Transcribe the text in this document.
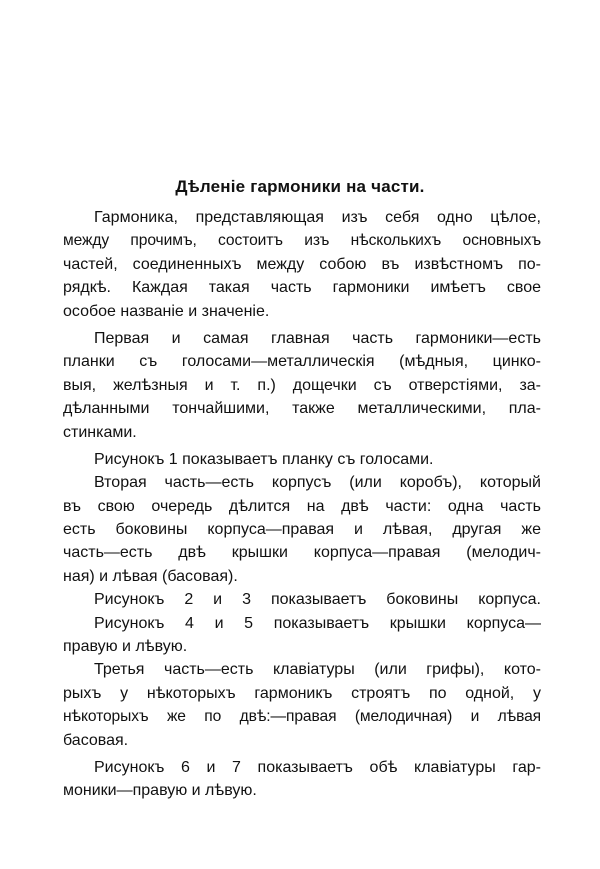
Дѣленіе гармоники на части.
Гармоника, представляющая изъ себя одно цѣлое,
между прочимъ, состоитъ изъ нѣсколькихъ основныхъ
частей, соединенныхъ между собою въ извѣстномъ по-
рядкѣ. Каждая такая часть гармоники имѣетъ свое
особое названіе и значеніе.
Первая и самая главная часть гармоники—есть
планки съ голосами—металлическія (мѣдныя, цинко-
выя, желѣзныя и т. п.) дощечки съ отверстіями, за-
дѣланными тончайшими, также металлическими, пла-
стинками.
Рисунокъ 1 показываетъ планку съ голосами.
Вторая часть—есть корпусъ (или коробъ), который
въ свою очередь дѣлится на двѣ части: одна часть
есть боковины корпуса—правая и лѣвая, другая же
часть—есть двѣ крышки корпуса—правая (мелодич-
ная) и лѣвая (басовая).
Рисунокъ 2 и 3 показываетъ боковины корпуса.
Рисунокъ 4 и 5 показываетъ крышки корпуса—
правую и лѣвую.
Третья часть—есть клавіатуры (или грифы), кото-
рыхъ у нѣкоторыхъ гармоникъ строятъ по одной, у
нѣкоторыхъ же по двѣ:—правая (мелодичная) и лѣвая
басовая.
Рисунокъ 6 и 7 показываетъ обѣ клавіатуры гар-
моники—правую и лѣвую.
